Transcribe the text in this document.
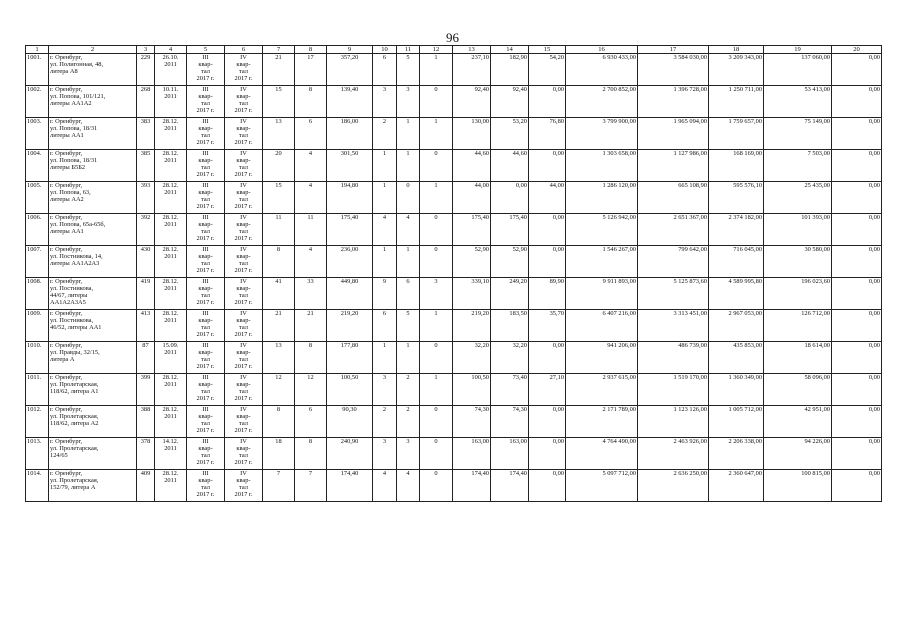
96
1	2	3	4	5	6	7	8	9	10	11	12	13	14	15	16	17	18	19	20
1001.	г. Оренбург,
ул. Полигонная, 48,
литера А8	229	26.10.
2011	III
квар-
тал
2017 г.	IV
квар-
тал
2017 г.	21	17	357,20	6	5	1	237,10	182,90	54,20	6 930 433,00	3 584 030,00	3 209 343,00	137 060,00	0,00
1002.	г. Оренбург,
ул. Попова, 101/121,
литеры АА1А2	268	10.11.
2011	III
квар-
тал
2017 г.	IV
квар-
тал
2017 г.	15	8	139,40	3	3	0	92,40	92,40	0,00	2 700 852,00	1 396 728,00	1 250 711,00	53 413,00	0,00
1003.	г. Оренбург,
ул. Попова, 18/31
литеры АА1	383	28.12.
2011	III
квар-
тал
2017 г.	IV
квар-
тал
2017 г.	13	6	186,00	2	1	1	130,00	53,20	76,80	3 799 900,00	1 965 094,00	1 759 657,00	75 149,00	0,00
1004.	г. Оренбург,
ул. Попова, 18/31
литеры Б5Б2	385	28.12.
2011	III
квар-
тал
2017 г.	IV
квар-
тал
2017 г.	20	4	301,50	1	1	0	44,60	44,60	0,00	1 303 658,00	1 127 986,00	168 169,00	7 503,00	0,00
1005.	г. Оренбург,
ул. Попова, 63,
литеры АА2	393	28.12.
2011	III
квар-
тал
2017 г.	IV
квар-
тал
2017 г.	15	4	194,80	1	0	1	44,00	0,00	44,00	1 286 120,00	665 108,90	595 576,10	25 435,00	0,00
1006.	г. Оренбург,
ул. Попова, 65а-65б,
литеры АА1	392	28.12.
2011	III
квар-
тал
2017 г.	IV
квар-
тал
2017 г.	11	11	175,40	4	4	0	175,40	175,40	0,00	5 126 942,00	2 651 367,00	2 374 182,00	101 393,00	0,00
1007.	г. Оренбург,
ул. Постникова, 14,
литеры АА1А2А3	430	28.12.
2011	III
квар-
тал
2017 г.	IV
квар-
тал
2017 г.	8	4	236,00	1	1	0	52,90	52,90	0,00	1 546 267,00	799 642,00	716 045,00	30 580,00	0,00
1008.	г. Оренбург,
ул. Постникова,
44/67, литеры
АА1А2А3А5	419	28.12.
2011	III
квар-
тал
2017 г.	IV
квар-
тал
2017 г.	41	33	449,80	9	6	3	339,10	249,20	89,90	9 911 893,00	5 125 873,60	4 589 995,80	196 023,60	0,00
1009.	г. Оренбург,
ул. Постникова,
46/52, литеры АА1	413	28.12.
2011	III
квар-
тал
2017 г.	IV
квар-
тал
2017 г.	21	21	219,20	6	5	1	219,20	183,50	35,70	6 407 216,00	3 313 451,00	2 967 053,00	126 712,00	0,00
1010.	г. Оренбург,
ул. Правды, 32/15,
литера А	87	15.09.
2011	III
квар-
тал
2017 г.	IV
квар-
тал
2017 г.	13	8	177,80	1	1	0	32,20	32,20	0,00	941 206,00	486 739,00	435 853,00	18 614,00	0,00
1011.	г. Оренбург,
ул. Пролетарская,
118/62, литера А1	399	28.12.
2011	III
квар-
тал
2017 г.	IV
квар-
тал
2017 г.	12	12	100,50	3	2	1	100,50	73,40	27,10	2 937 615,00	1 519 170,00	1 360 349,00	58 096,00	0,00
1012.	г. Оренбург,
ул. Пролетарская,
118/62, литера А2	388	28.12.
2011	III
квар-
тал
2017 г.	IV
квар-
тал
2017 г.	8	6	90,30	2	2	0	74,30	74,30	0,00	2 171 789,00	1 123 126,00	1 005 712,00	42 951,00	0,00
1013.	г. Оренбург,
ул. Пролетарская,
124/65	378	14.12.
2011	III
квар-
тал
2017 г.	IV
квар-
тал
2017 г.	18	8	240,90	3	3	0	163,00	163,00	0,00	4 764 490,00	2 463 926,00	2 206 338,00	94 226,00	0,00
1014.	г. Оренбург,
ул. Пролетарская,
152/79, литера А	409	28.12.
2011	III
квар-
тал
2017 г.	IV
квар-
тал
2017 г.	7	7	174,40	4	4	0	174,40	174,40	0,00	5 097 712,00	2 636 250,00	2 360 647,00	100 815,00	0,00
